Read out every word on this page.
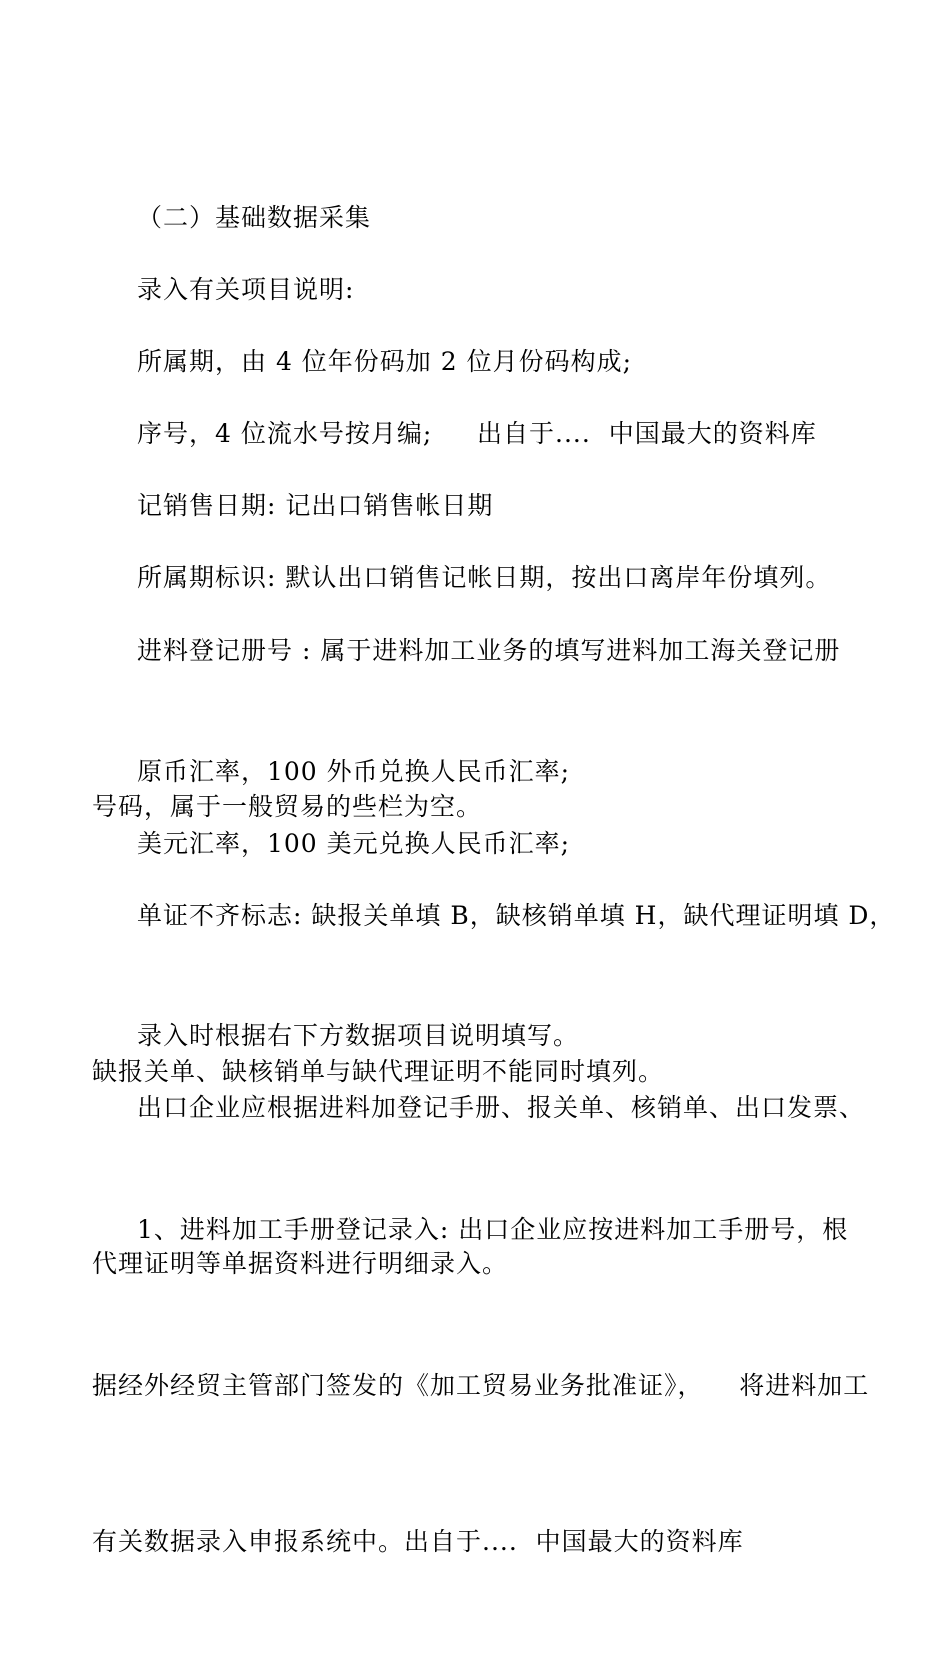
（二）基础数据采集

录入有关项目说明:

所属期，由 4 位年份码加 2 位月份码构成;

序号，4 位流水号按月编;     出自于....  中国最大的资料库

记销售日期: 记出口销售帐日期

所属期标识: 默认出口销售记帐日期，按出口离岸年份填列。

进料登记册号 : 属于进料加工业务的填写进料加工海关登记册

号码，属于一般贸易的些栏为空。

原币汇率，100 外币兑换人民币汇率;

美元汇率，100 美元兑换人民币汇率;

单证不齐标志: 缺报关单填 B，缺核销单填 H，缺代理证明填 D，

缺报关单、缺核销单与缺代理证明不能同时填列。

录入时根据右下方数据项目说明填写。

出口企业应根据进料加登记手册、报关单、核销单、出口发票、

代理证明等单据资料进行明细录入。

1、进料加工手册登记录入: 出口企业应按进料加工手册号，根

据经外经贸主管部门签发的《加工贸易业务批准证》，    将进料加工

有关数据录入申报系统中。出自于....  中国最大的资料库
